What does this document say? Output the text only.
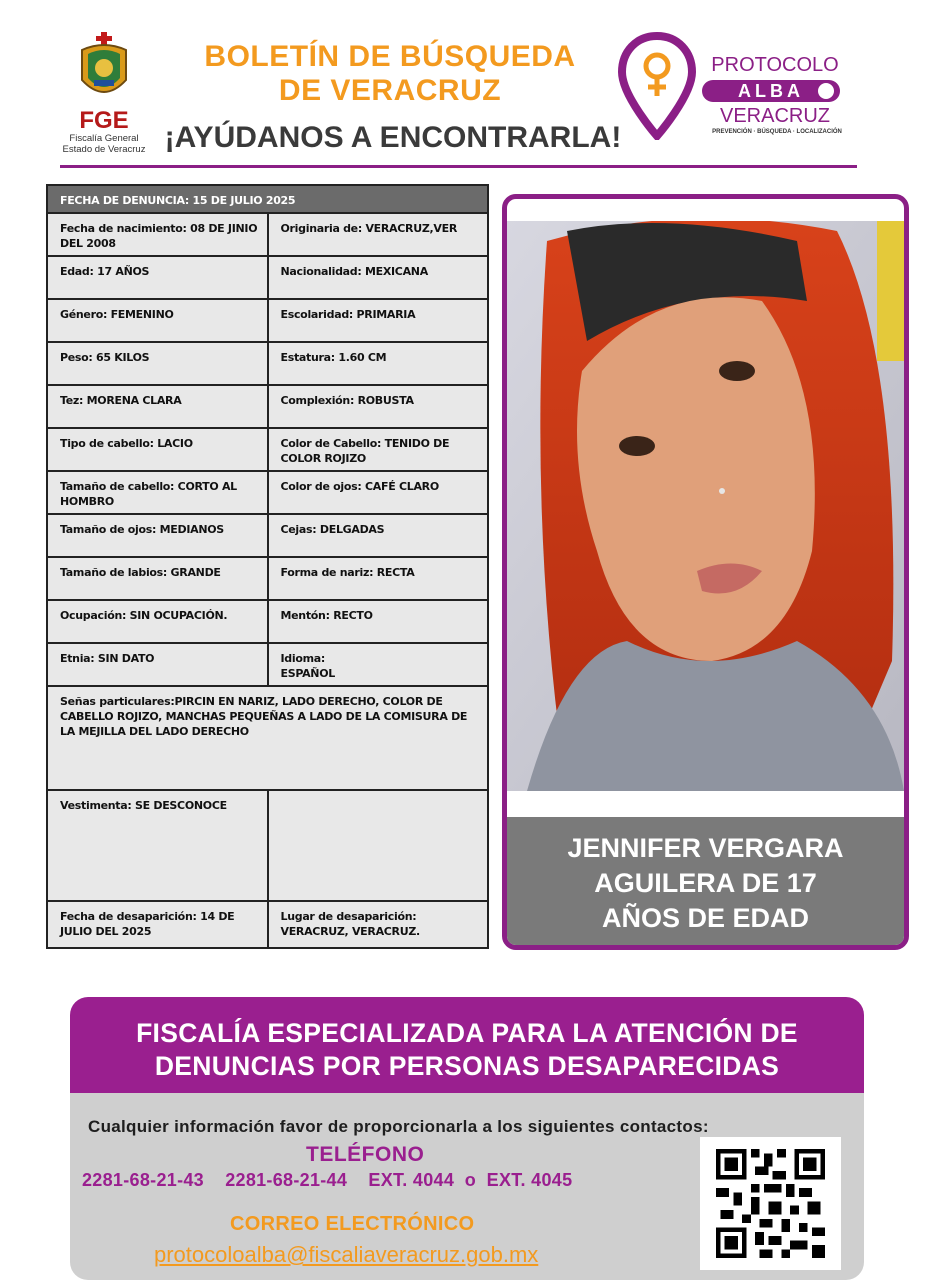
FGE
Fiscalía General
Estado de Veracruz
BOLETÍN DE BÚSQUEDA
DE VERACRUZ
¡AYÚDANOS A ENCONTRARLA!
PROTOCOLO
ALBA
VERACRUZ
PREVENCIÓN · BÚSQUEDA · LOCALIZACIÓN
FECHA DE DENUNCIA: 15 DE JULIO 2025	
Fecha de nacimiento: 08 DE JINIO DEL 2008	Originaria de: VERACRUZ,VER
Edad: 17 AÑOS	Nacionalidad: MEXICANA
Género: FEMENINO	Escolaridad: PRIMARIA
Peso: 65 KILOS	Estatura: 1.60 CM
Tez: MORENA CLARA	Complexión: ROBUSTA
Tipo de cabello: LACIO	Color de Cabello: TENIDO DE COLOR ROJIZO
Tamaño de cabello: CORTO AL HOMBRO	Color de ojos: CAFÉ CLARO
Tamaño de ojos: MEDIANOS	Cejas: DELGADAS
Tamaño de labios: GRANDE	Forma de nariz: RECTA
Ocupación: SIN OCUPACIÓN.	Mentón: RECTO
Etnia: SIN DATO	Idioma:
ESPAÑOL
Señas particulares:PIRCIN EN NARIZ, LADO DERECHO, COLOR DE CABELLO ROJIZO, MANCHAS PEQUEÑAS A LADO DE LA COMISURA DE LA MEJILLA DEL LADO DERECHO	
Vestimenta: SE DESCONOCE	
Fecha de desaparición: 14 DE JULIO DEL 2025	Lugar de desaparición:
VERACRUZ, VERACRUZ.
JENNIFER VERGARA
AGUILERA DE 17
AÑOS DE EDAD
FISCALÍA ESPECIALIZADA PARA LA ATENCIÓN DE
DENUNCIAS POR PERSONAS DESAPARECIDAS
Cualquier información favor de proporcionarla a los siguientes contactos:
TELÉFONO
2281-68-21-43    2281-68-21-44    EXT. 4044  o  EXT. 4045
CORREO ELECTRÓNICO
protocoloalba@fiscaliaveracruz.gob.mx
